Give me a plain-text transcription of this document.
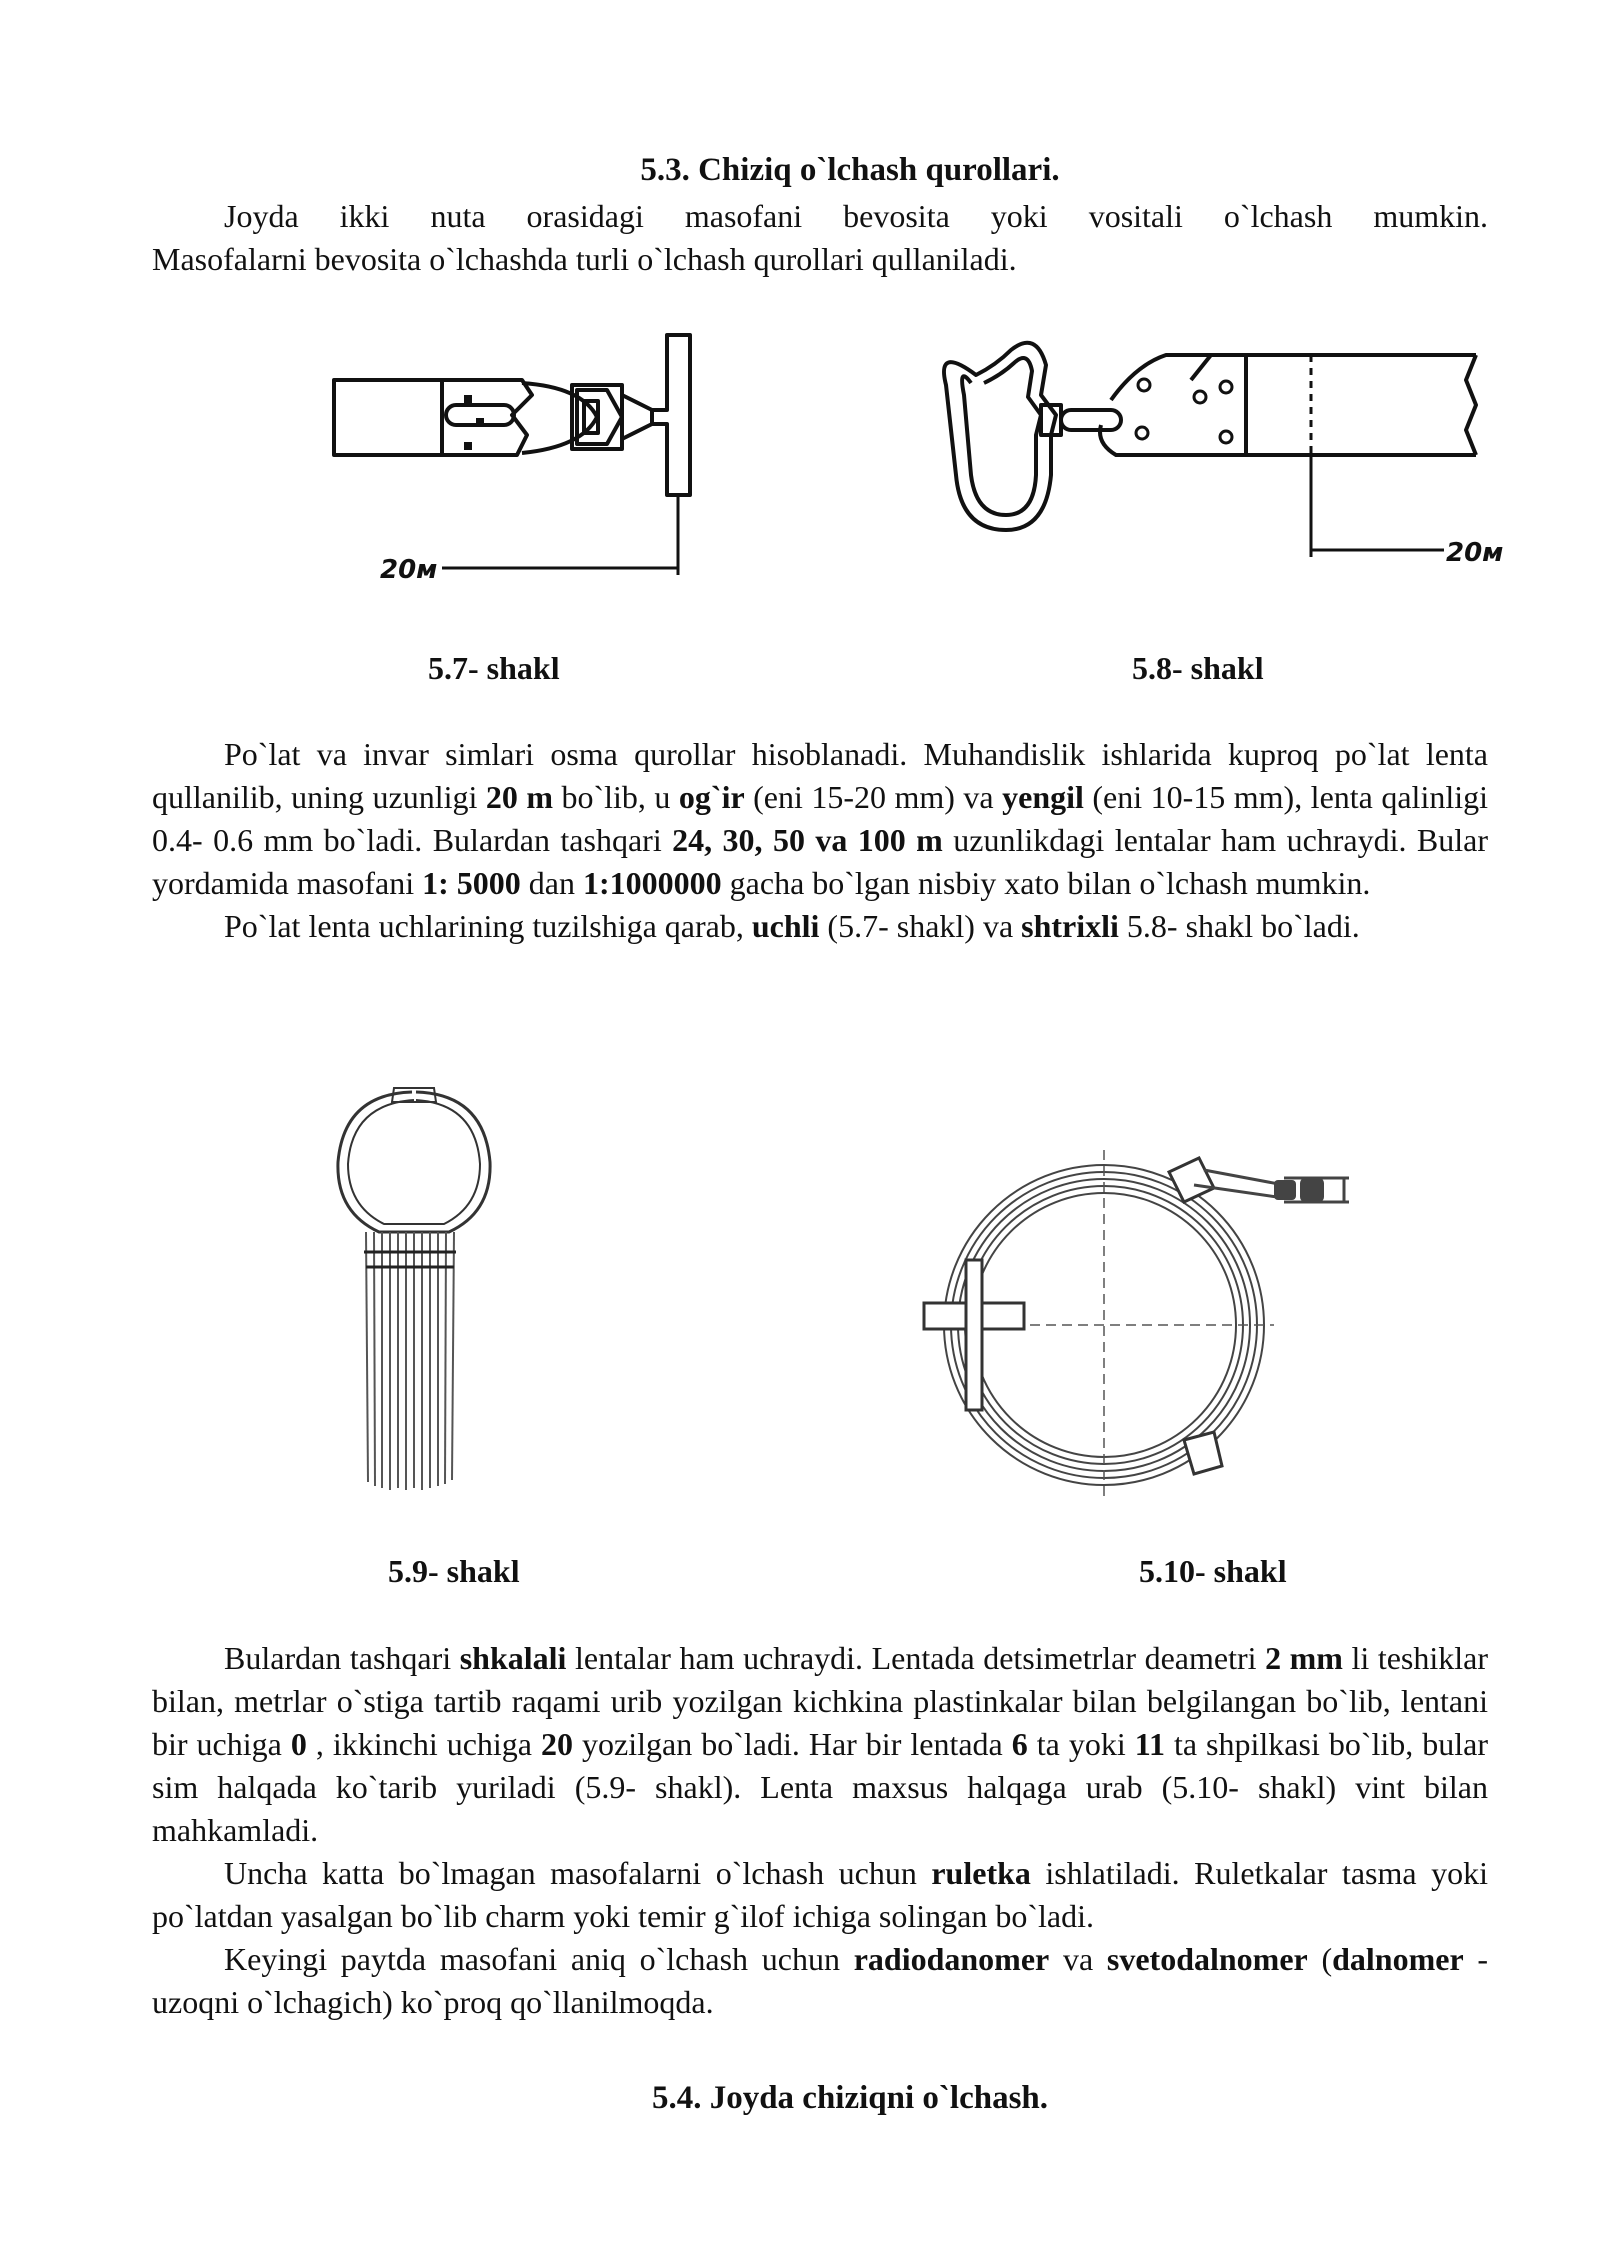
5.3. Chiziq o`lchash qurollari.

Joyda ikki nuta orasidagi masofani bevosita yoki vositali o`lchash mumkin.

Masofalarni bevosita o`lchashda turli o`lchash qurollari qullaniladi.

20м
5.7- shakl
20м
5.8- shakl

Po`lat va invar simlari osma qurollar hisoblanadi. Muhandislik ishlarida kuproq po`lat lenta qullanilib, uning uzunligi 20 m bo`lib, u og`ir (eni 15-20 mm) va yengil (eni 10-15 mm), lenta qalinligi 0.4- 0.6 mm bo`ladi. Bulardan tashqari 24, 30, 50 va 100 m uzunlikdagi lentalar ham uchraydi. Bular yordamida masofani 1: 5000 dan 1:1000000 gacha bo`lgan nisbiy xato bilan o`lchash mumkin.

Po`lat lenta uchlarining tuzilshiga qarab, uchli (5.7- shakl) va shtrixli 5.8- shakl bo`ladi.

5.9- shakl	5.10- shakl

Bulardan tashqari shkalali lentalar ham uchraydi. Lentada detsimetrlar deametri 2 mm li teshiklar bilan, metrlar o`stiga tartib raqami urib yozilgan kichkina plastinkalar bilan belgilangan bo`lib, lentani bir uchiga 0 , ikkinchi uchiga 20 yozilgan bo`ladi. Har bir lentada 6 ta yoki 11 ta shpilkasi bo`lib, bular sim halqada ko`tarib yuriladi (5.9- shakl). Lenta maxsus halqaga urab (5.10- shakl) vint bilan mahkamladi.

Uncha katta bo`lmagan masofalarni o`lchash uchun ruletka ishlatiladi. Ruletkalar tasma yoki po`latdan yasalgan bo`lib charm yoki temir g`ilof ichiga solingan bo`ladi.

Keyingi paytda masofani aniq o`lchash uchun radiodanomer va svetodalnomer (dalnomer - uzoqni o`lchagich) ko`proq qo`llanilmoqda.

5.4. Joyda chiziqni o`lchash.
